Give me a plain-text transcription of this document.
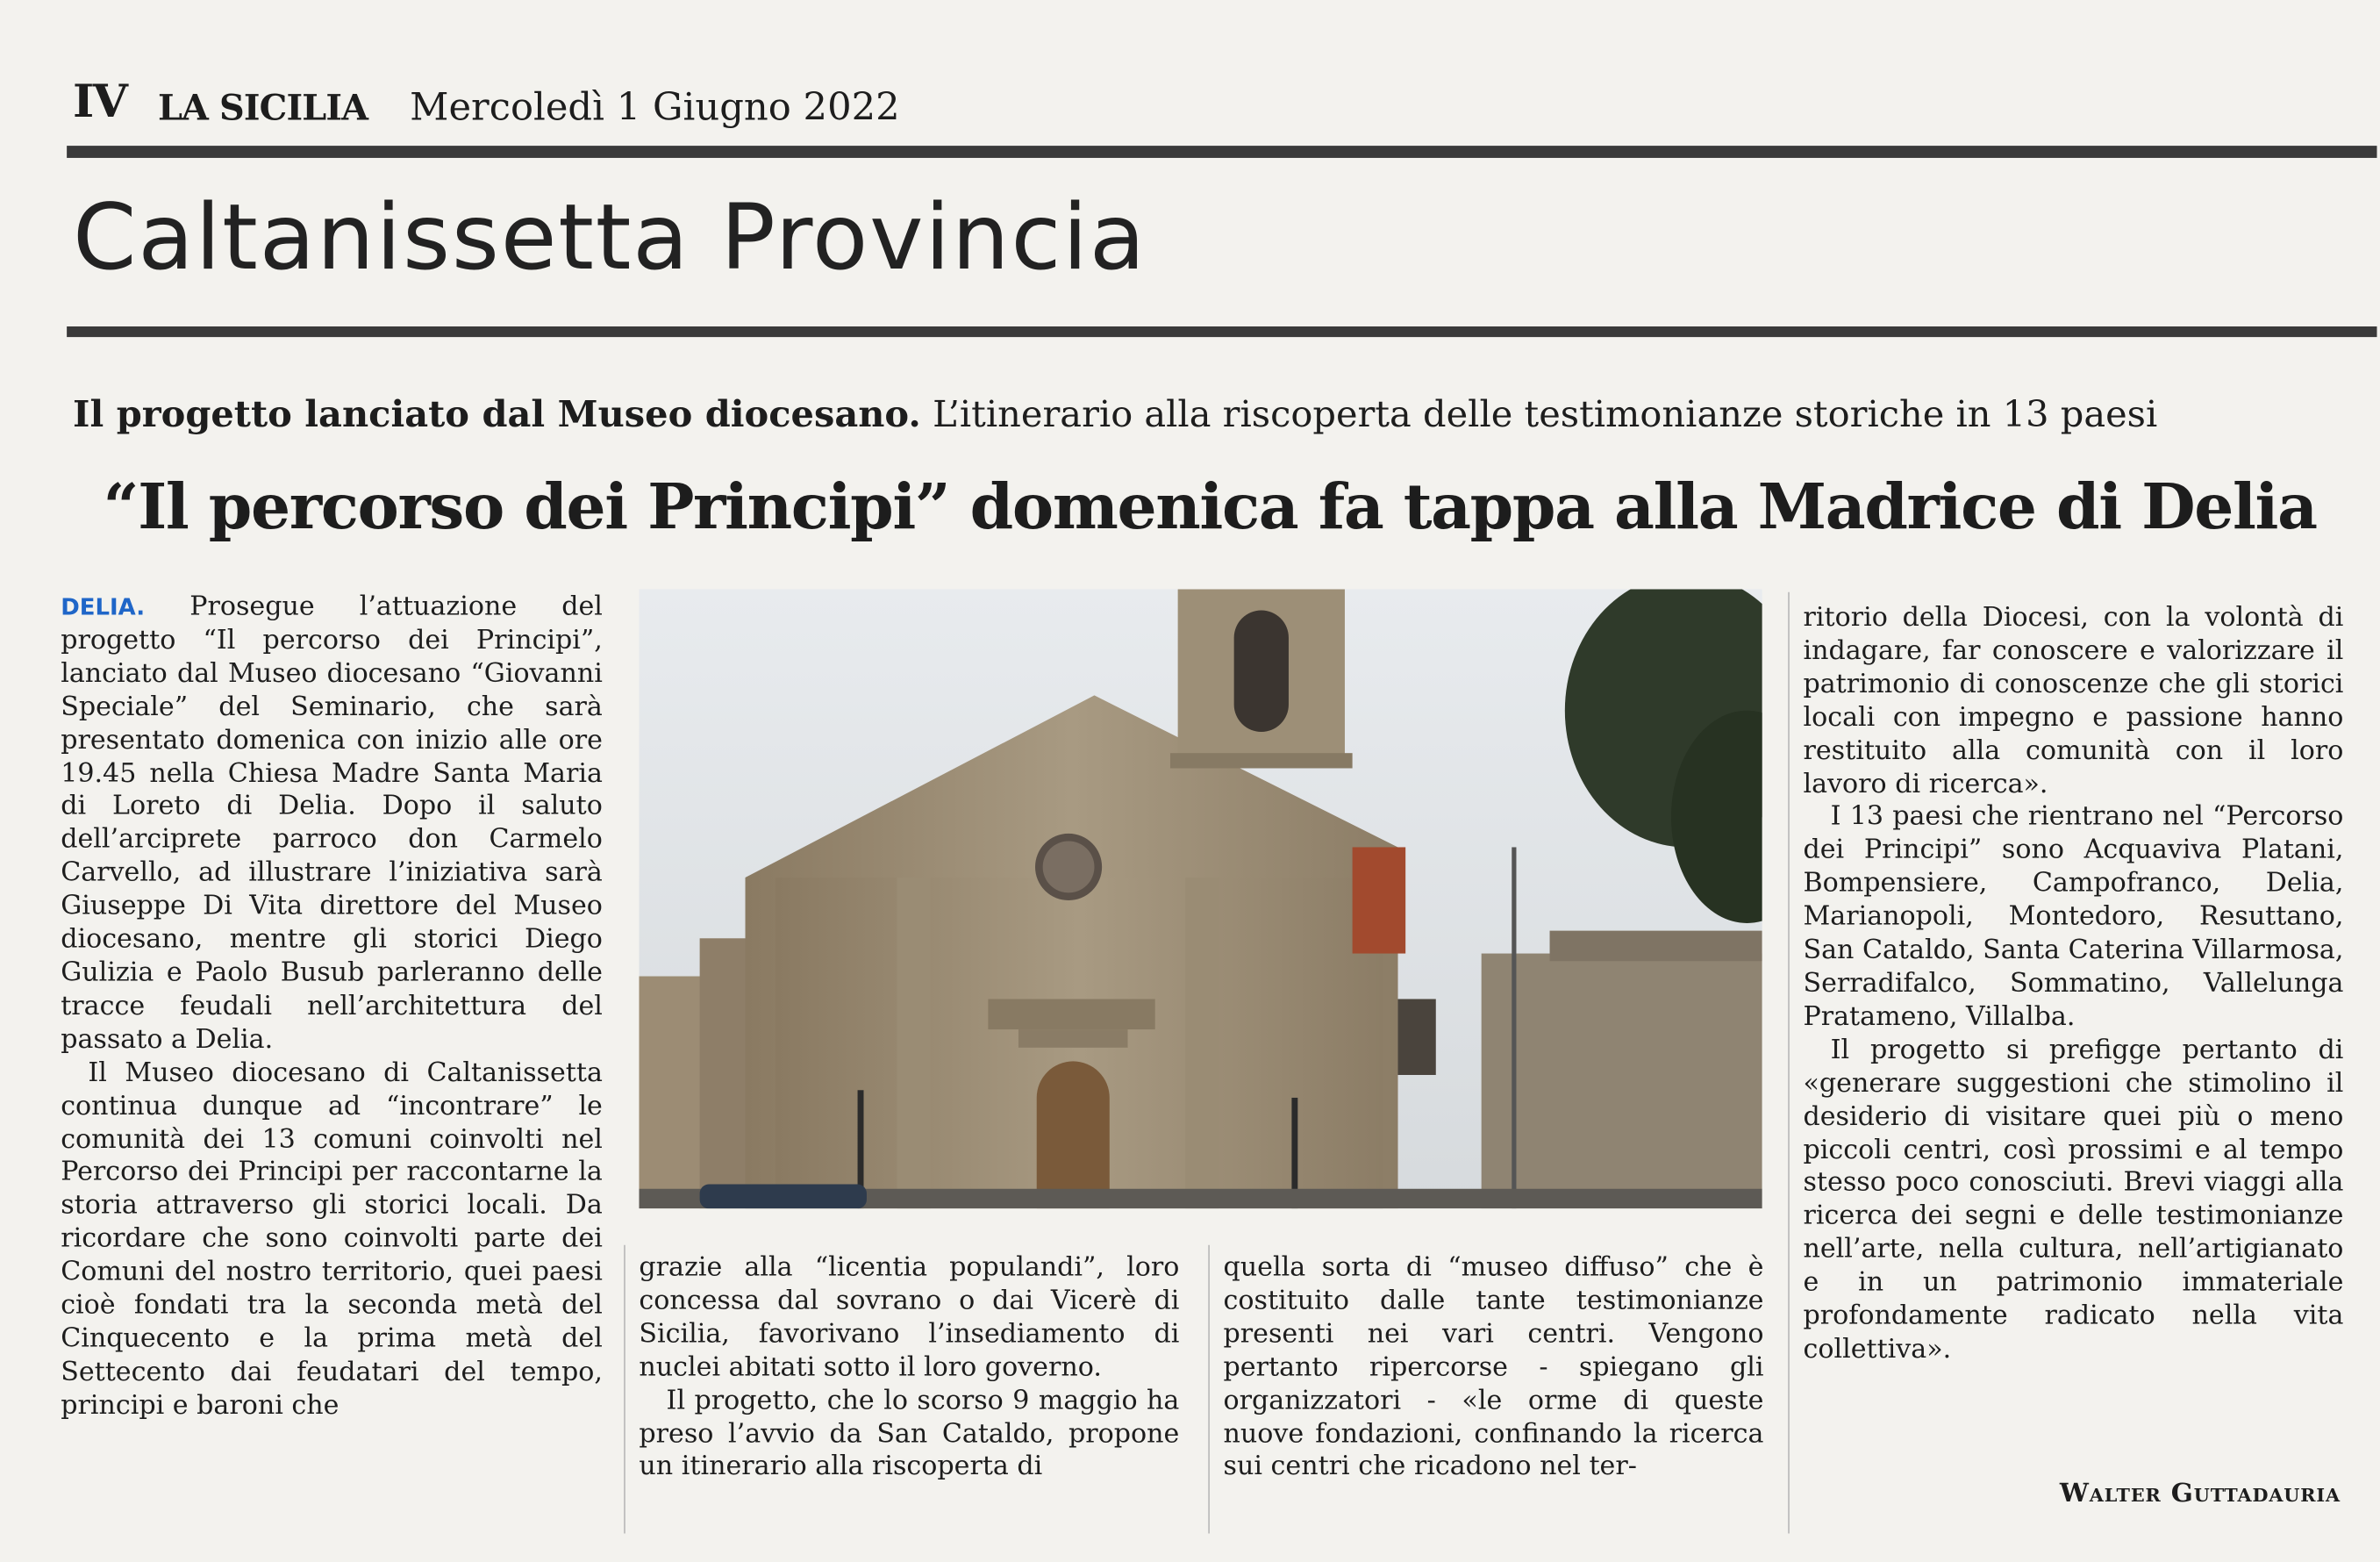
IV LA SICILIA Mercoledì 1 Giugno 2022
Caltanissetta Provincia
Il progetto lanciato dal Museo diocesano. L’itinerario alla riscoperta delle testimonianze storiche in 13 paesi
“Il percorso dei Principi” domenica fa tappa alla Madrice di Delia

DELIA.	Prosegue l’attuazione del progetto “Il percorso dei Principi”, lanciato dal Museo diocesano “Giovanni Speciale” del Seminario, che sarà presentato domenica con inizio alle ore 19.45 nella Chiesa Madre Santa Maria di Loreto di Delia. Dopo il saluto dell’arciprete parroco don Carmelo Carvello, ad illustrare l’iniziativa sarà Giuseppe Di Vita direttore del Museo diocesano, mentre gli storici Diego Gulizia e Paolo Busub parleranno delle tracce feudali nell’architettura del passato a Delia.

Il Museo diocesano di Caltanissetta continua dunque ad “incontrare” le comunità dei 13 comuni coinvolti nel Percorso dei Principi per raccontarne la storia attraverso gli storici locali. Da ricordare che sono coinvolti parte dei Comuni del nostro territorio, quei paesi cioè fondati tra la seconda metà del Cinquecento e la prima metà del Settecento dai feudatari del tempo, principi e baroni che

grazie alla “licentia populandi”, loro concessa dal sovrano o dai Vicerè di Sicilia, favorivano l’insediamento di nuclei abitati sotto il loro governo.

Il progetto, che lo scorso 9 maggio ha preso l’avvio da San Cataldo, propone un itinerario alla riscoperta di

quella sorta di “museo diffuso” che è costituito dalle tante testimonianze presenti nei vari centri. Vengono pertanto ripercorse - spiegano gli organizzatori - «le orme di queste nuove fondazioni, confinando la ricerca sui centri che ricadono nel ter-

ritorio della Diocesi, con la volontà di indagare, far conoscere e valorizzare il patrimonio di conoscenze che gli storici locali con impegno e passione hanno restituito alla comunità con il loro lavoro di ricerca».

I 13 paesi che rientrano nel “Percorso dei Principi” sono Acquaviva Platani, Bompensiere, Campofranco, Delia, Marianopoli, Montedoro, Resuttano, San Cataldo, Santa Caterina Villarmosa, Serradifalco, Sommatino, Vallelunga Pratameno, Villalba.

Il progetto si prefigge pertanto di «generare suggestioni che stimolino il desiderio di visitare quei più o meno piccoli centri, così prossimi e al tempo stesso poco conosciuti. Brevi viaggi alla ricerca dei segni e delle testimonianze nell’arte, nella cultura, nell’artigianato e in un patrimonio immateriale profondamente radicato nella vita collettiva».

Walter Guttadauria
